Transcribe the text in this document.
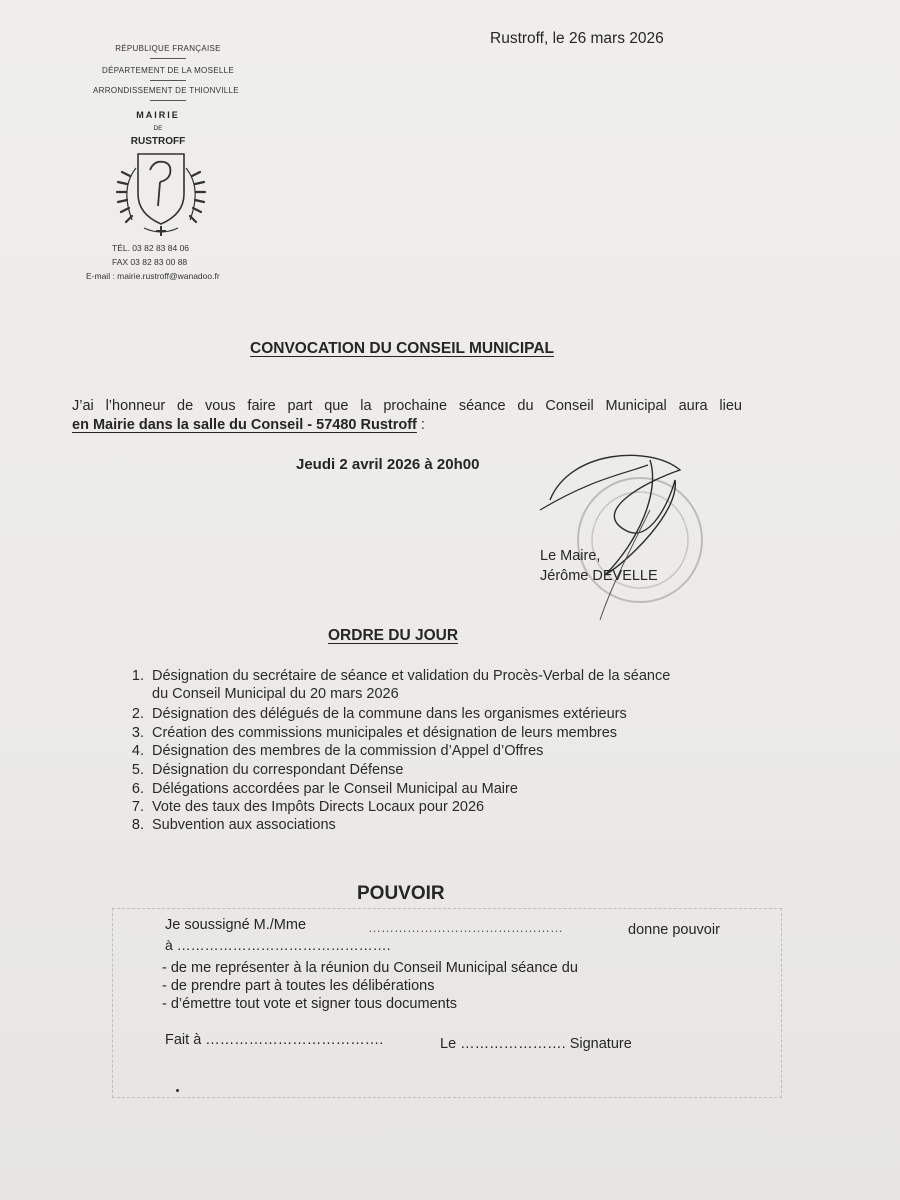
Rustroff, le 26 mars 2026
RÉPUBLIQUE FRANÇAISE
DÉPARTEMENT DE LA MOSELLE
ARRONDISSEMENT DE THIONVILLE
MAIRIE
DE
RUSTROFF
TÉL. 03 82 83 84 06
FAX 03 82 83 00 88
E-mail : mairie.rustroff@wanadoo.fr
CONVOCATION DU CONSEIL MUNICIPAL
J’ai l’honneur de vous faire part que la prochaine séance du Conseil Municipal aura lieu
en Mairie dans la salle du Conseil - 57480 Rustroff :
Jeudi 2 avril 2026 à 20h00
Le Maire,
Jérôme DEVELLE
ORDRE DU JOUR
1. Désignation du secrétaire de séance et validation du Procès-Verbal de la séance
du Conseil Municipal du 20 mars 2026
2. Désignation des délégués de la commune dans les organismes extérieurs
3. Création des commissions municipales et désignation de leurs membres
4. Désignation des membres de la commission d’Appel d’Offres
5. Désignation du correspondant Défense
6. Délégations accordées par le Conseil Municipal au Maire
7. Vote des taux des Impôts Directs Locaux pour 2026
8. Subvention aux associations
POUVOIR
Je soussigné M./Mme	………………………………………	donne pouvoir
à ……………………………………….
- de me représenter à la réunion du Conseil Municipal séance du
- de prendre part à toutes les délibérations
- d’émettre tout vote et signer tous documents
Fait à ……………………………….	Le …………………. Signature
